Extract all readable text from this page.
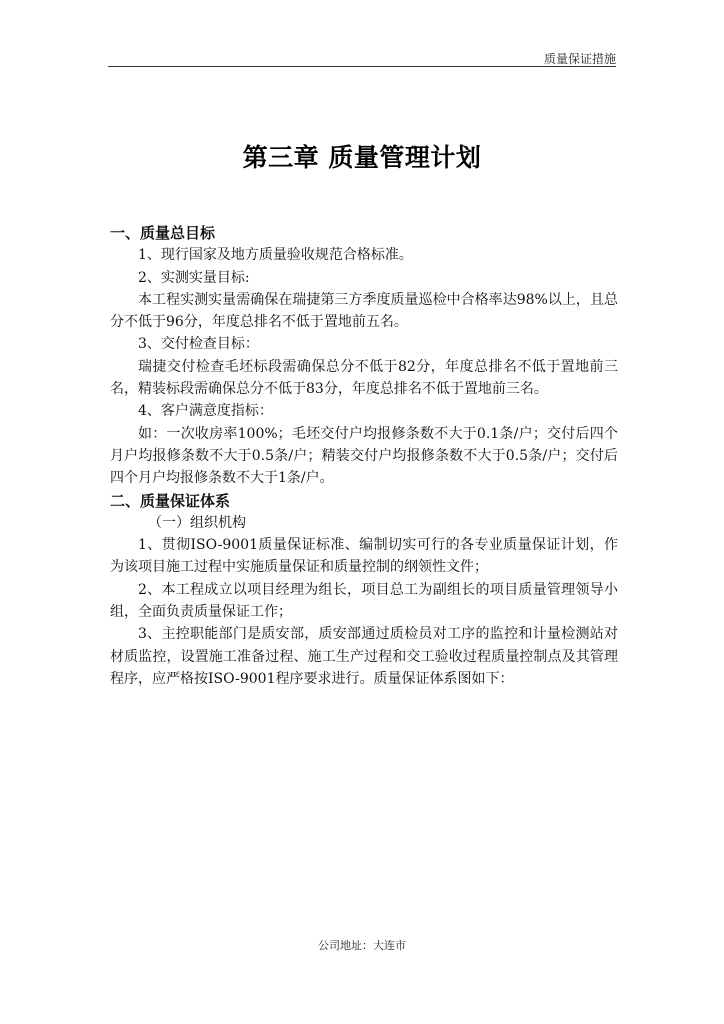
质量保证措施
第三章 质量管理计划
一、质量总目标

1、现行国家及地方质量验收规范合格标准。

2、实测实量目标:

本工程实测实量需确保在瑞捷第三方季度质量巡检中合格率达98%以上，且总分不低于96分，年度总排名不低于置地前五名。

3、交付检查目标：

瑞捷交付检查毛坯标段需确保总分不低于82分，年度总排名不低于置地前三名，精装标段需确保总分不低于83分，年度总排名不低于置地前三名。

4、客户满意度指标：

如：一次收房率100%；毛坯交付户均报修条数不大于0.1条/户；交付后四个月户均报修条数不大于0.5条/户；精装交付户均报修条数不大于0.5条/户；交付后四个月户均报修条数不大于1条/户。

二、质量保证体系

（一）组织机构

1、贯彻ISO-9001质量保证标准、编制切实可行的各专业质量保证计划，作为该项目施工过程中实施质量保证和质量控制的纲领性文件；

2、本工程成立以项目经理为组长，项目总工为副组长的项目质量管理领导小组，全面负责质量保证工作；

3、主控职能部门是质安部，质安部通过质检员对工序的监控和计量检测站对材质监控，设置施工准备过程、施工生产过程和交工验收过程质量控制点及其管理程序，应严格按ISO-9001程序要求进行。质量保证体系图如下：

公司地址：大连市
